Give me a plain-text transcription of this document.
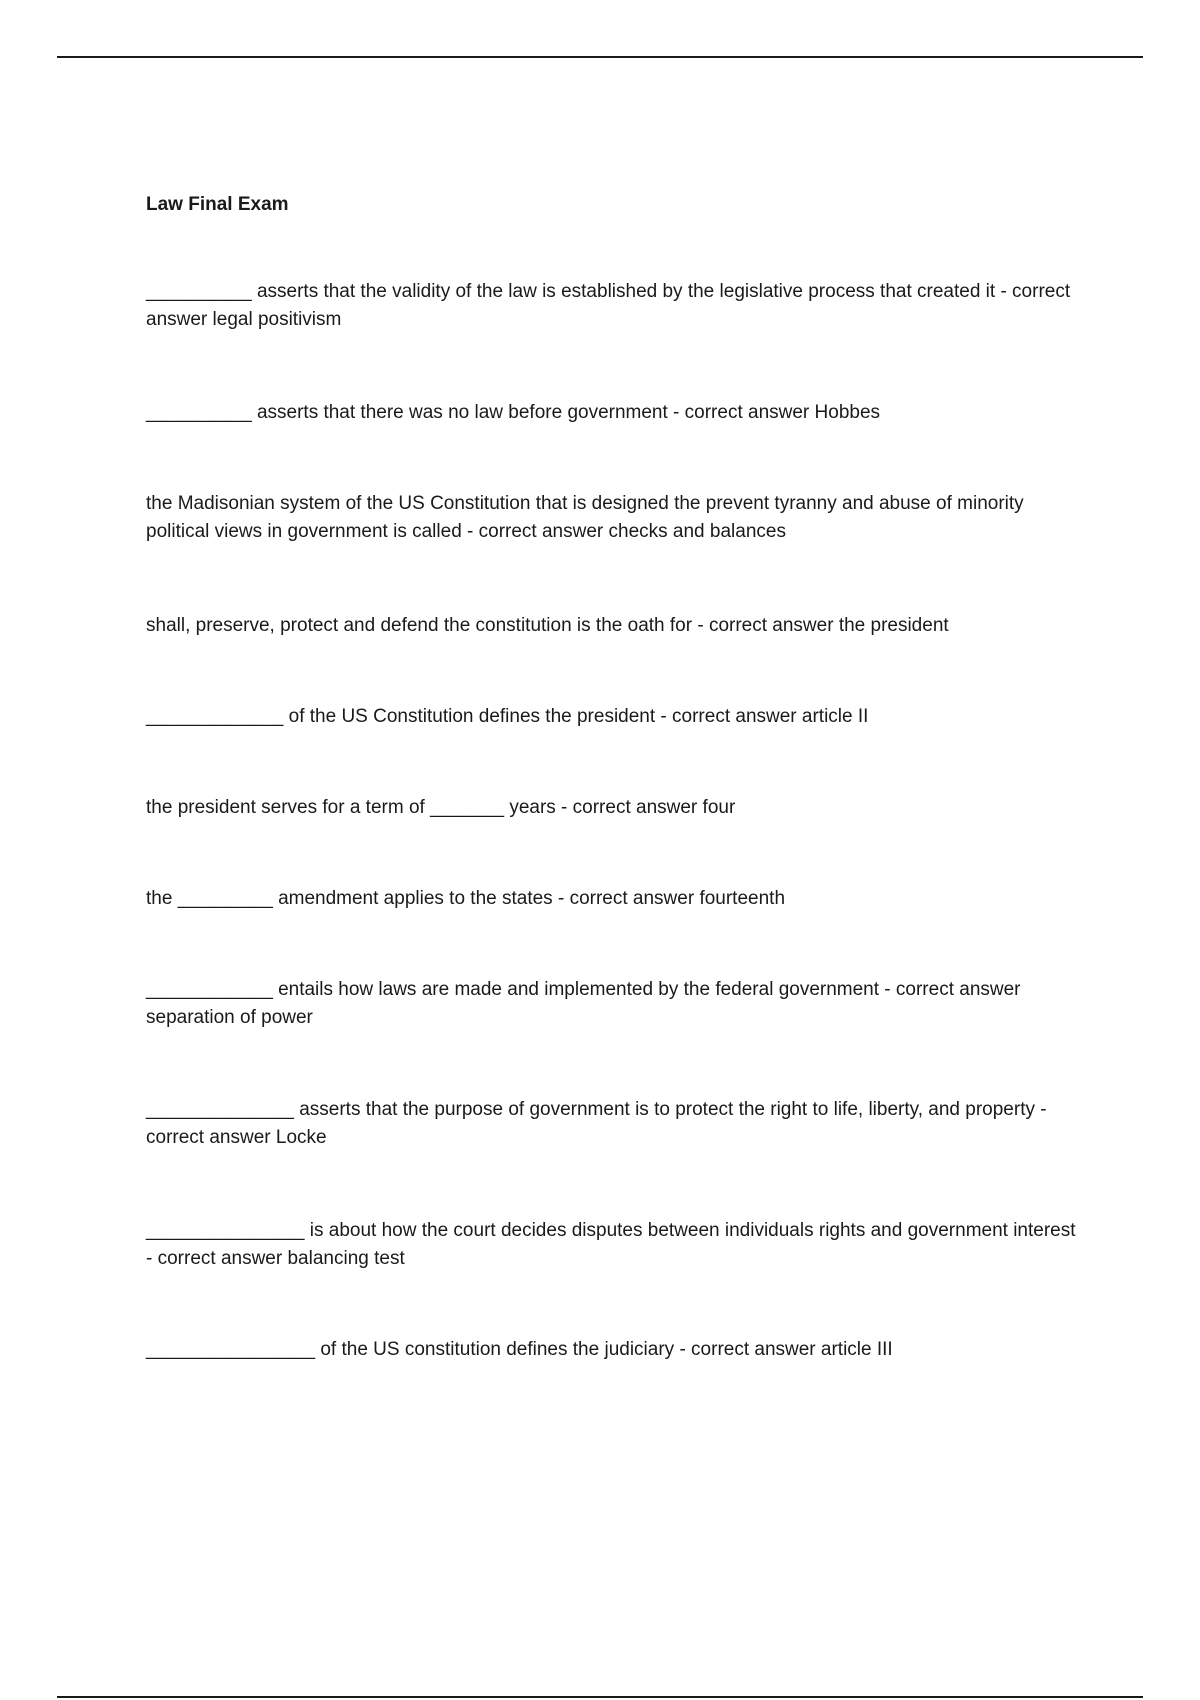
Law Final Exam

__________ asserts that the validity of the law is established by the legislative process that created it - correct answer legal positivism

__________ asserts that there was no law before government - correct answer Hobbes

the Madisonian system of the US Constitution that is designed the prevent tyranny and abuse of minority political views in government is called - correct answer checks and balances

shall, preserve, protect and defend the constitution is the oath for - correct answer the president

_____________ of the US Constitution defines the president - correct answer article II

the president serves for a term of _______ years - correct answer four

the _________ amendment applies to the states - correct answer fourteenth

____________ entails how laws are made and implemented by the federal government - correct answer separation of power

______________ asserts that the purpose of government is to protect the right to life, liberty, and property - correct answer Locke

_______________ is about how the court decides disputes between individuals rights and government interest - correct answer balancing test

________________ of the US constitution defines the judiciary - correct answer article III
